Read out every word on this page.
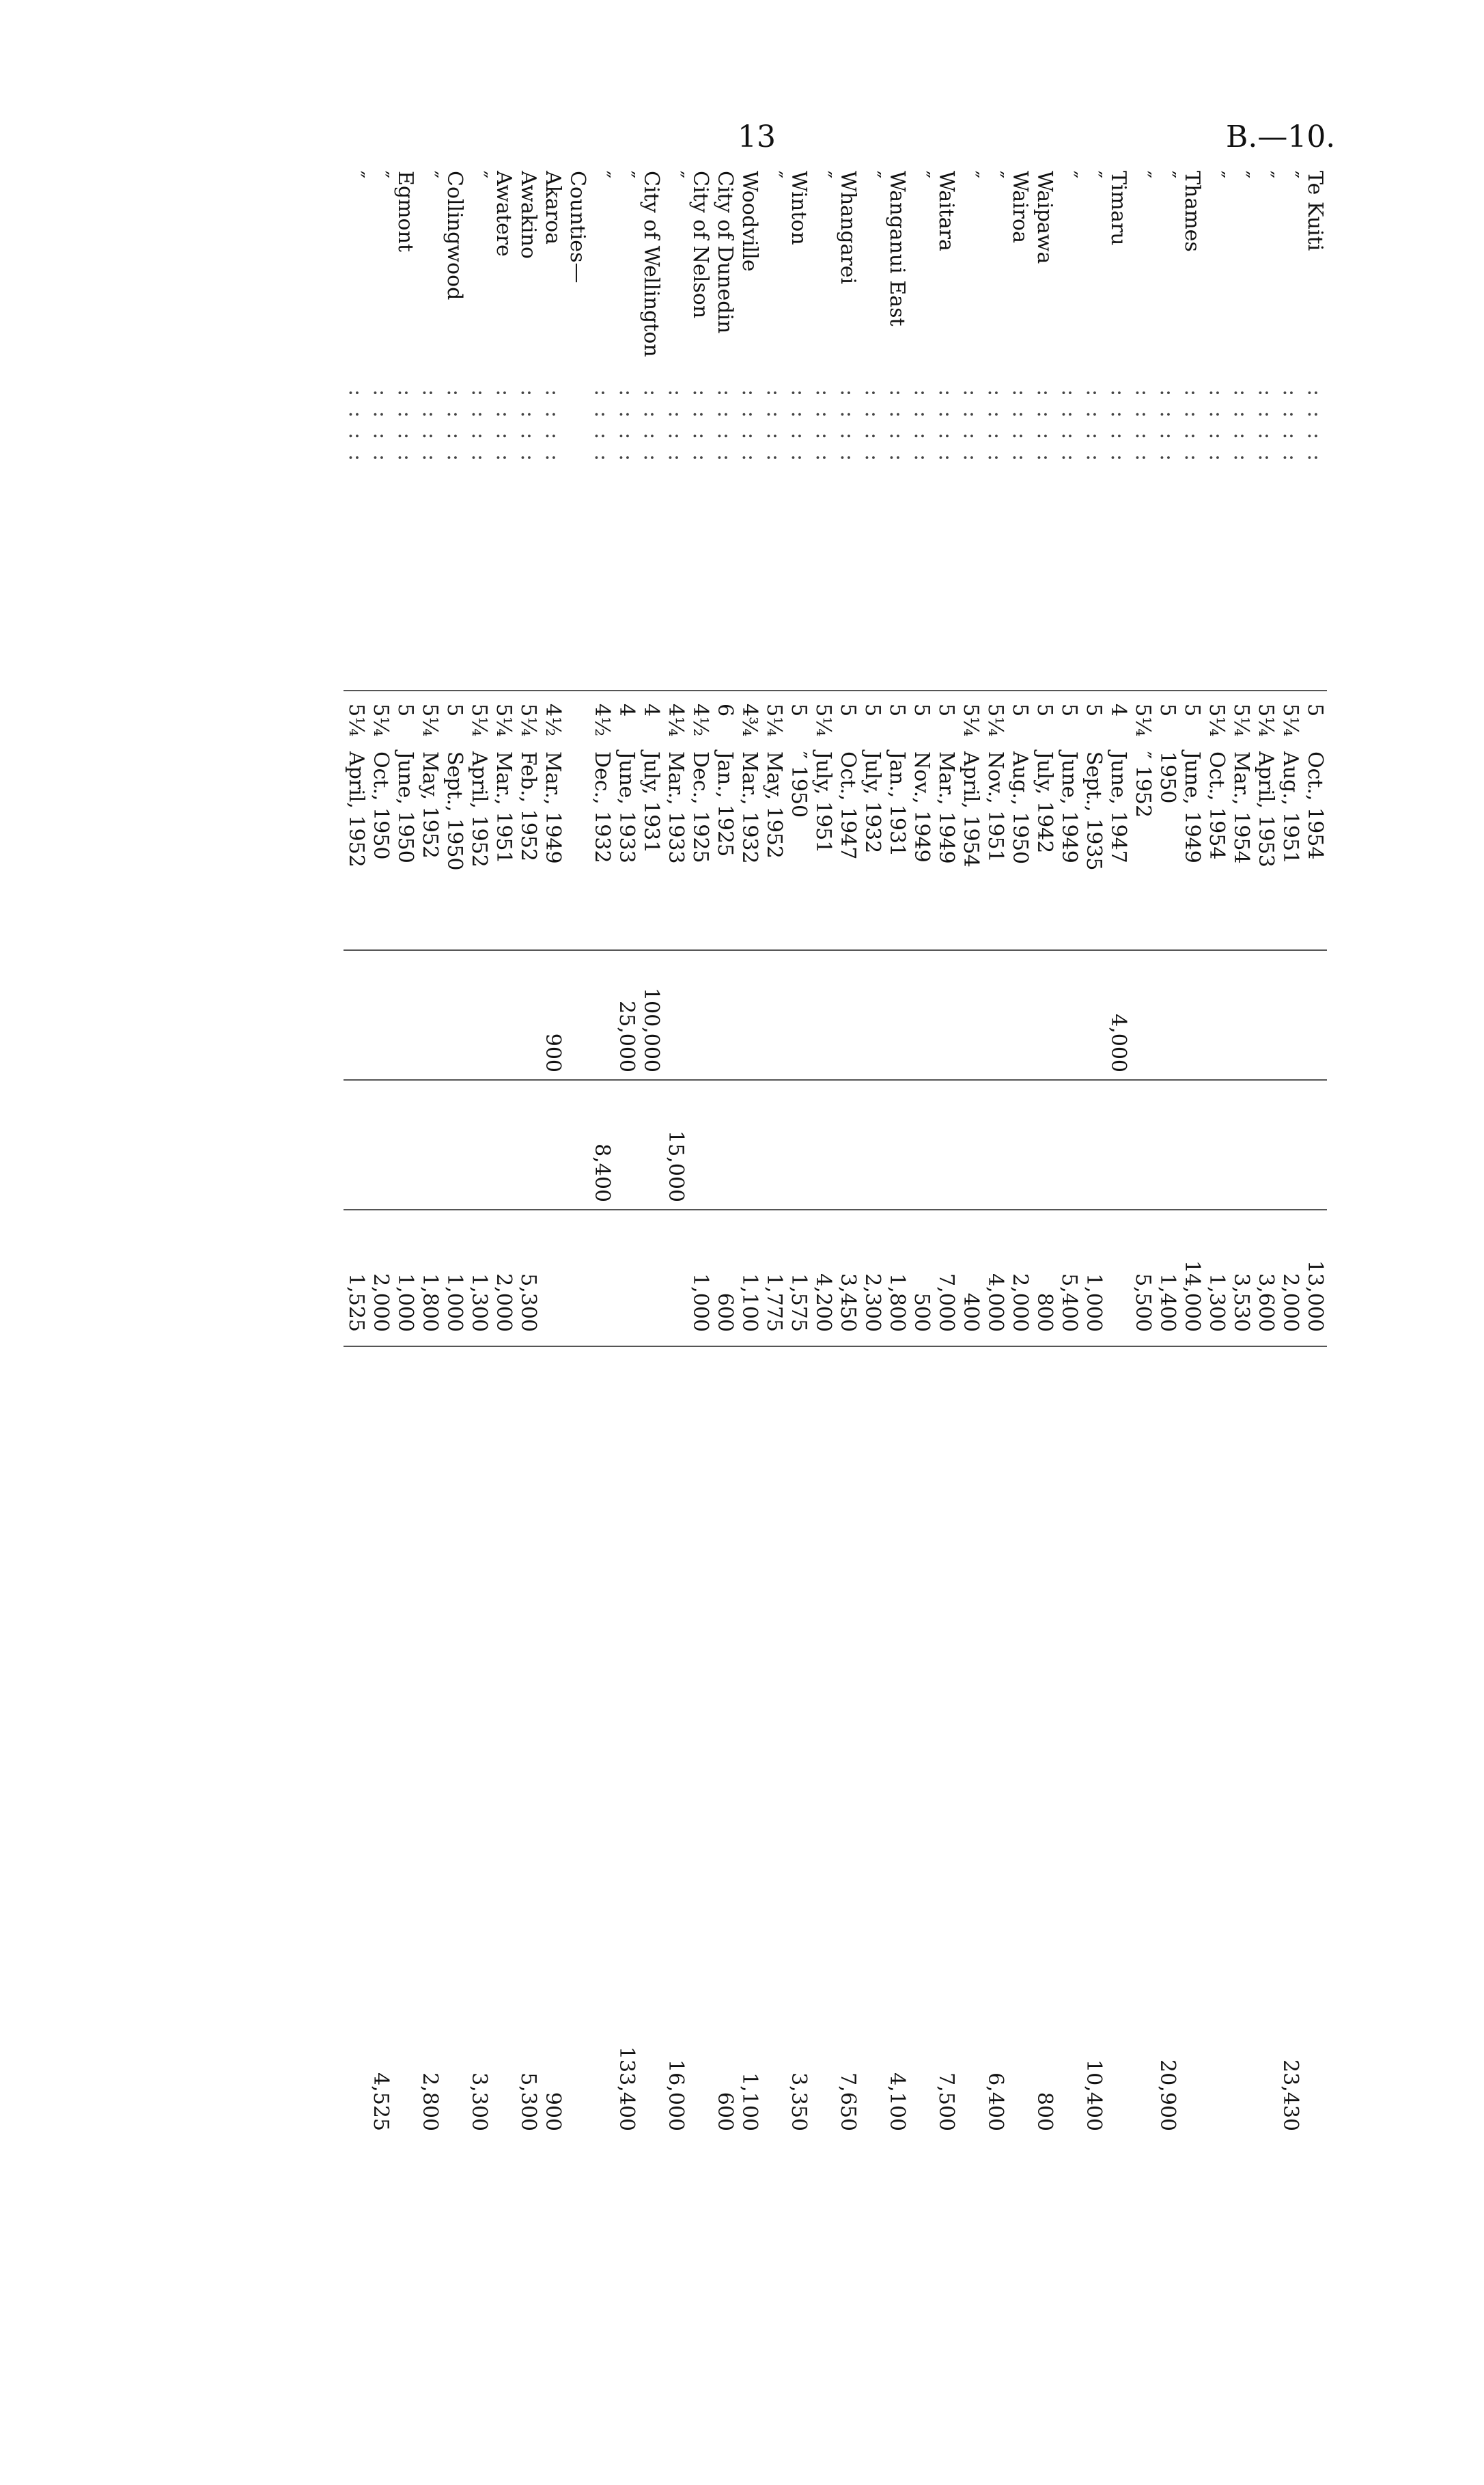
13	B.—10.
Te Kuiti
: : : :
5
Oct., 1954
13,000
″
: : : :
5¼
Aug., 1951
2,000
23,430
″
: : : :
5¼
April, 1953
3,600
″
: : : :
5¼
Mar., 1954
3,530
″
: : : :
5¼
Oct., 1954
1,300
Thames
: : : :
5
June, 1949
14,000
″
: : : :
5
1950
1,400
20,900
″
: : : :
5¼
″ 1952
5,500
Timaru
: : : :
4
June, 1947
4,000
″
: : : :
5
Sept., 1935
1,000
10,400
″
: : : :
5
June, 1949
5,400
Waipawa
: : : :
5
July, 1942
800
800
Wairoa
: : : :
5
Aug., 1950
2,000
″
: : : :
5¼
Nov., 1951
4,000
6,400
″
: : : :
5¼
April, 1954
400
Waitara
: : : :
5
Mar., 1949
7,000
7,500
″
: : : :
5
Nov., 1949
500
Wanganui East
: : : :
5
Jan., 1931
1,800
4,100
″
: : : :
5
July, 1932
2,300
Whangarei
: : : :
5
Oct., 1947
3,450
7,650
″
: : : :
5¼
July, 1951
4,200
Winton
: : : :
5
″ 1950
1,575
3,350
″
: : : :
5¼
May, 1952
1,775
Woodville
: : : :
4¾
Mar., 1932
1,100
1,100
City of Dunedin
: : : :
6
Jan., 1925
600
600
City of Nelson
: : : :
4½
Dec., 1925
1,000
″
: : : :
4¼
Mar., 1933
15,000
16,000
City of Wellington
: : : :
4
July, 1931
100,000
″
: : : :
4
June, 1933
25,000
133,400
″
: : : :
4½
Dec., 1932
8,400
Counties—
Akaroa
: : : :
4½
Mar., 1949
900
900
Awakino
: : : :
5¼
Feb., 1952
5,300
5,300
Awatere
: : : :
5¼
Mar., 1951
2,000
″
: : : :
5¼
April, 1952
1,300
3,300
Collingwood
: : : :
5
Sept., 1950
1,000
″
: : : :
5¼
May, 1952
1,800
2,800
Egmont
: : : :
5
June, 1950
1,000
″
: : : :
5¼
Oct., 1950
2,000
4,525
″
: : : :
5¼
April, 1952
1,525
